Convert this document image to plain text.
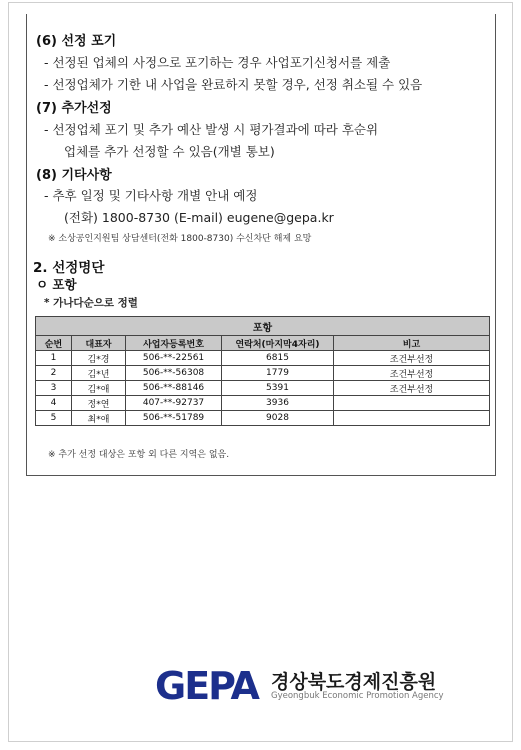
(6) 선정 포기
- 선정된 업체의 사정으로 포기하는 경우 사업포기신청서를 제출
- 선정업체가 기한 내 사업을 완료하지 못할 경우, 선정 취소될 수 있음
(7) 추가선정
- 선정업체 포기 및 추가 예산 발생 시 평가결과에 따라 후순위
업체를 추가 선정할 수 있음(개별 통보)
(8) 기타사항
- 추후 일정 및 기타사항 개별 안내 예정
(전화) 1800-8730 (E-mail) eugene@gepa.kr
※ 소상공인지원팀 상담센터(전화 1800-8730) 수신차단 해제 요망
2. 선정명단
ㅇ 포항
* 가나다순으로 정렬
포항				
순번	대표자	사업자등록번호	연락처(마지막4자리)	비고
1	김*경	506-**-22561	6815	조건부선정
2	김*년	506-**-56308	1779	조건부선정
3	김*애	506-**-88146	5391	조건부선정
4	정*연	407-**-92737	3936	
5	최*애	506-**-51789	9028	
※ 추가 선정 대상은 포항 외 다른 지역은 없음.
GEPA 경상북도경제진흥원
Gyeongbuk Economic Promotion Agency
